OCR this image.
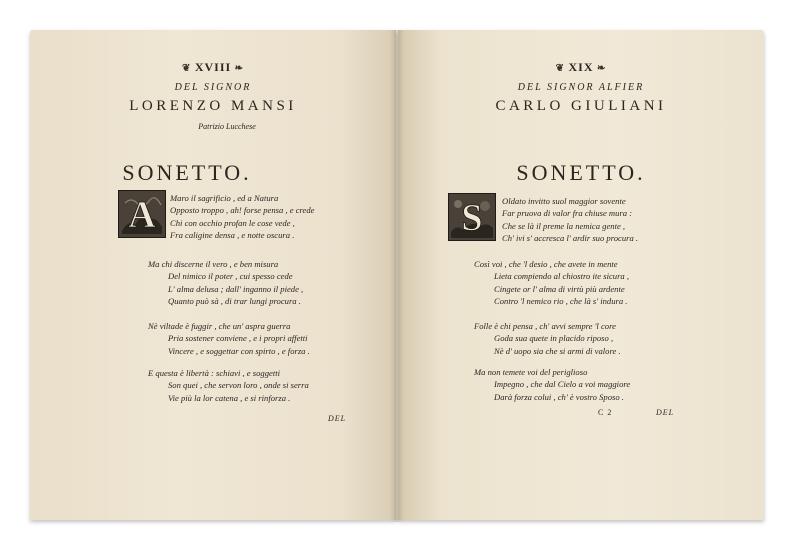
❦ XVIII ❧
DEL SIGNOR
LORENZO MANSI
Patrizio Lucchese
SONETTO.
A Maro il sagrificio , ed a Natura
Opposto troppo , ah! forse pensa , e crede
Chi con occhio profan le cose vede ,
Fra caligine densa , e notte oscura .
Ma chi discerne il vero , e ben misura
Del nimico il poter , cui spesso cede
L' alma delusa ; dall' inganno il piede ,
Quanto può sà , di trar lungi procura .
Nè viltade è fuggir , che un' aspra guerra
Pria sostener conviene , e i propri affetti
Vincere , e soggettar con spirto , e forza .
E questa è libertà : schiavi , e soggetti
Son quei , che servon loro , onde si serra
Vie più la lor catena , e si rinforza .
DEL
❦ XIX ❧
DEL SIGNOR ALFIER
CARLO GIULIANI
SONETTO.
S Oldato invitto suol maggior sovente
Far pruova di valor fra chiuse mura :
Che se là il preme la nemica gente ,
Ch' ivi s' accresca l' ardir suo procura .
Così voi , che 'l desio , che avete in mente
Lieta compiendo al chiostro ite sicura ,
Cingete or l' alma di virtù più ardente
Contro 'l nemico rio , che là s' indura .
Folle è chi pensa , ch' avvi sempre 'l core
Goda sua quete in placido riposo ,
Nè d' uopo sia che si armi di valore .
Ma non temete voi del periglioso
Impegno , che dal Cielo a voi maggiore
Darà forza colui , ch' è vostro Sposo .
C 2	DEL
